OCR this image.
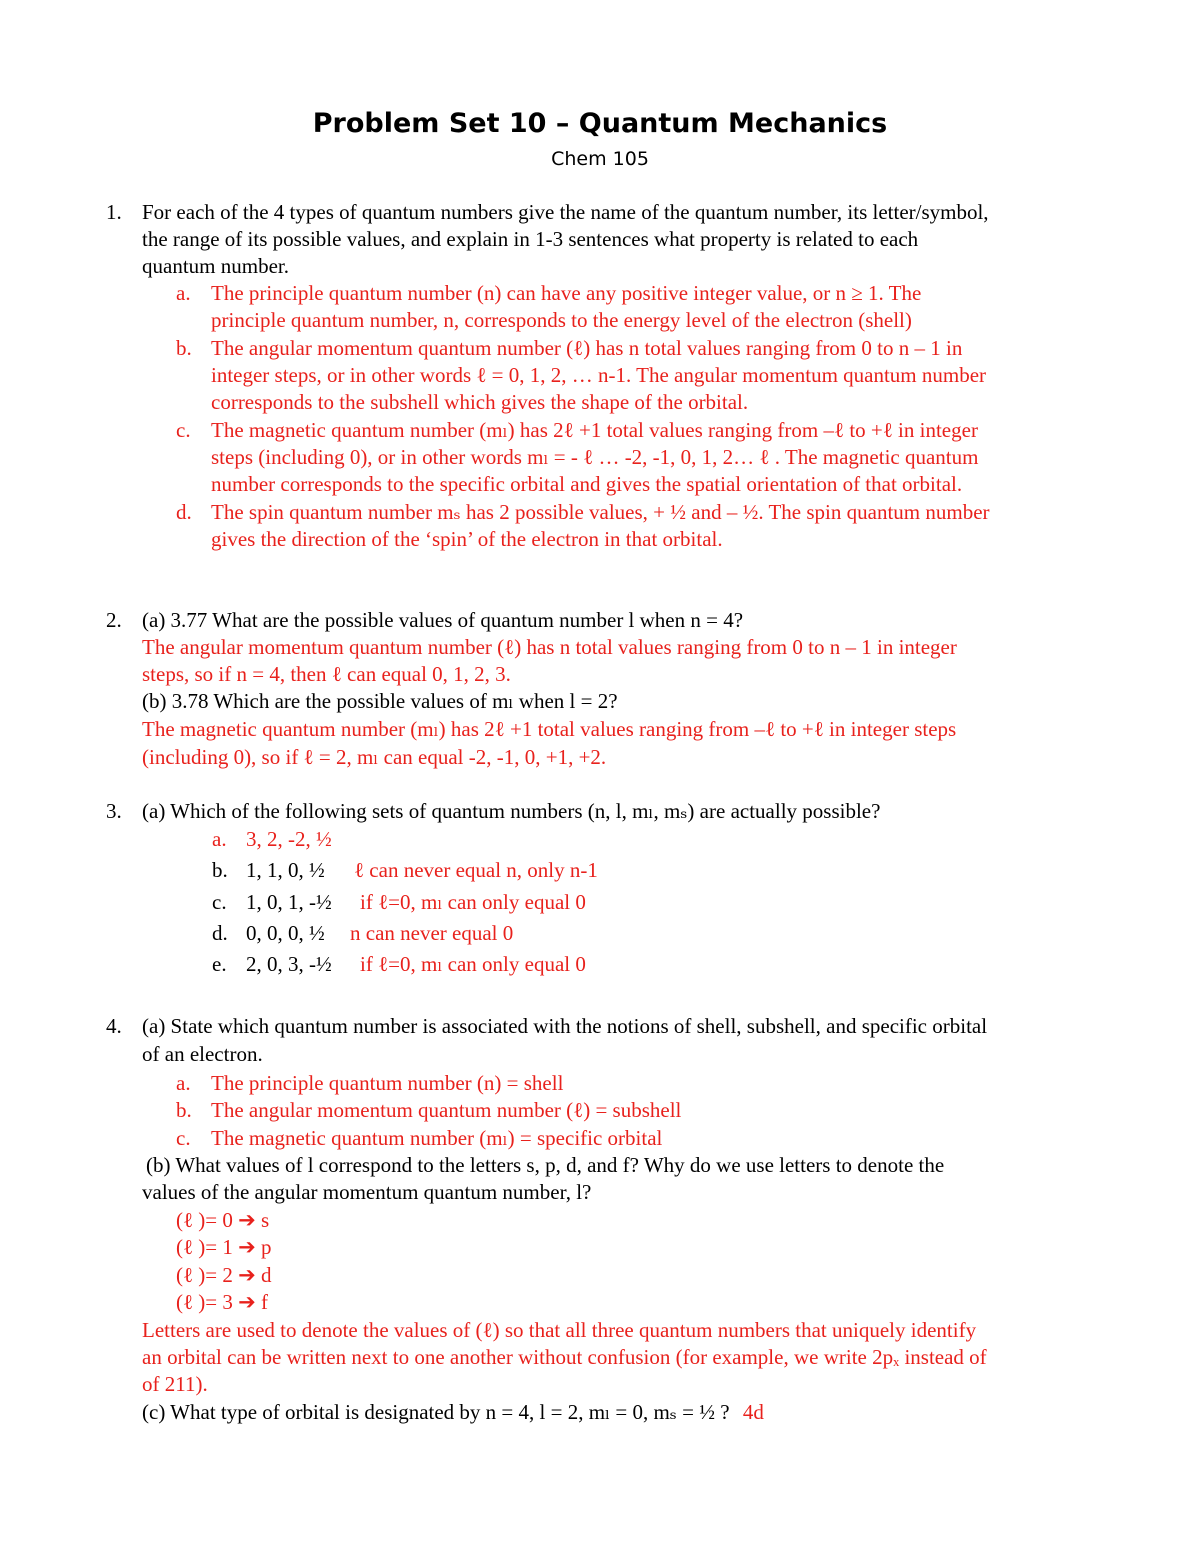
Problem Set 10 – Quantum Mechanics
Chem 105
1. For each of the 4 types of quantum numbers give the name of the quantum number, its letter/symbol,
the range of its possible values, and explain in 1-3 sentences what property is related to each
quantum number.
a. The principle quantum number (n) can have any positive integer value, or n ≥ 1. The
principle quantum number, n, corresponds to the energy level of the electron (shell)
b. The angular momentum quantum number (ℓ) has n total values ranging from 0 to n – 1 in
integer steps, or in other words ℓ = 0, 1, 2, … n-1. The angular momentum quantum number
corresponds to the subshell which gives the shape of the orbital.
c. The magnetic quantum number (mₗ) has 2ℓ +1 total values ranging from –ℓ to +ℓ in integer
steps (including 0), or in other words mₗ = - ℓ … -2, -1, 0, 1, 2… ℓ . The magnetic quantum
number corresponds to the specific orbital and gives the spatial orientation of that orbital.
d. The spin quantum number mₛ has 2 possible values, + ½ and – ½. The spin quantum number
gives the direction of the ‘spin’ of the electron in that orbital.
2. (a) 3.77 What are the possible values of quantum number l when n = 4?
The angular momentum quantum number (ℓ) has n total values ranging from 0 to n – 1 in integer
steps, so if n = 4, then ℓ can equal 0, 1, 2, 3.
(b) 3.78 Which are the possible values of mₗ when l = 2?
The magnetic quantum number (mₗ) has 2ℓ +1 total values ranging from –ℓ to +ℓ in integer steps
(including 0), so if ℓ = 2, mₗ can equal -2, -1, 0, +1, +2.
3. (a) Which of the following sets of quantum numbers (n, l, mₗ, mₛ) are actually possible?
a. 3, 2, -2, ½
b. 1, 1, 0, ½ ℓ can never equal n, only n-1
c. 1, 0, 1, -½ if ℓ=0, mₗ can only equal 0
d. 0, 0, 0, ½ n can never equal 0
e. 2, 0, 3, -½ if ℓ=0, mₗ can only equal 0
4. (a) State which quantum number is associated with the notions of shell, subshell, and specific orbital
of an electron.
a. The principle quantum number (n) = shell
b. The angular momentum quantum number (ℓ) = subshell
c. The magnetic quantum number (mₗ) = specific orbital
(b) What values of l correspond to the letters s, p, d, and f? Why do we use letters to denote the
values of the angular momentum quantum number, l?
(ℓ )= 0 ➔ s
(ℓ )= 1 ➔ p
(ℓ )= 2 ➔ d
(ℓ )= 3 ➔ f
Letters are used to denote the values of (ℓ) so that all three quantum numbers that uniquely identify
an orbital can be written next to one another without confusion (for example, we write 2pₓ instead of
of 211).
(c) What type of orbital is designated by n = 4, l = 2, mₗ = 0, mₛ = ½ ? 4d
